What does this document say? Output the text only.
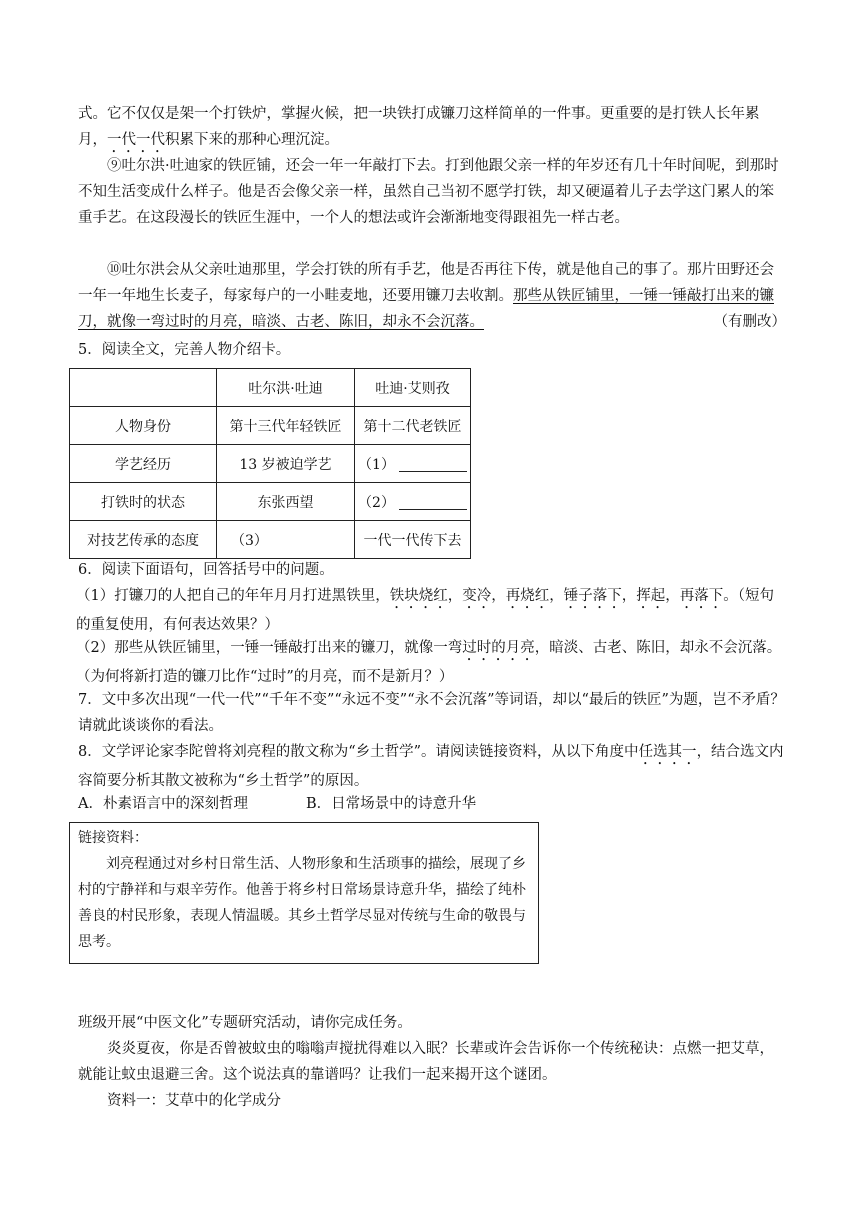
式。它不仅仅是架一个打铁炉，掌握火候，把一块铁打成镰刀这样简单的一件事。更重要的是打铁人长年累月，一代一代积累下来的那种心理沉淀。

⑨吐尔洪·吐迪家的铁匠铺，还会一年一年敲打下去。打到他跟父亲一样的年岁还有几十年时间呢，到那时不知生活变成什么样子。他是否会像父亲一样，虽然自己当初不愿学打铁，却又硬逼着儿子去学这门累人的笨重手艺。在这段漫长的铁匠生涯中，一个人的想法或许会渐渐地变得跟祖先一样古老。

⑩吐尔洪会从父亲吐迪那里，学会打铁的所有手艺，他是否再往下传，就是他自己的事了。那片田野还会一年一年地生长麦子，每家每户的一小畦麦地，还要用镰刀去收割。那些从铁匠铺里，一锤一锤敲打出来的镰刀，就像一弯过时的月亮，暗淡、古老、陈旧，却永不会沉落。	（有删改）

5．阅读全文，完善人物介绍卡。

	吐尔洪·吐迪	吐迪·艾则孜
人物身份	第十三代年轻铁匠	第十二代老铁匠
学艺经历	13 岁被迫学艺	（1）
打铁时的状态	东张西望	（2）
对技艺传承的态度	（3）	一代一代传下去

6．阅读下面语句，回答括号中的问题。

（1）打镰刀的人把自己的年年月月打进黑铁里，铁块烧红，变冷，再烧红，锤子落下，挥起，再落下。（短句的重复使用，有何表达效果？）

（2）那些从铁匠铺里，一锤一锤敲打出来的镰刀，就像一弯过时的月亮，暗淡、古老、陈旧，却永不会沉落。（为何将新打造的镰刀比作“过时”的月亮，而不是新月？）

7．文中多次出现“一代一代”“千年不变”“永远不变”“永不会沉落”等词语，却以“最后的铁匠”为题，岂不矛盾？请就此谈谈你的看法。

8．文学评论家李陀曾将刘亮程的散文称为“乡土哲学”。请阅读链接资料，从以下角度中任选其一，结合选文内容简要分析其散文被称为“乡土哲学”的原因。

A．朴素语言中的深刻哲理	B．日常场景中的诗意升华

链接资料：

刘亮程通过对乡村日常生活、人物形象和生活琐事的描绘，展现了乡村的宁静祥和与艰辛劳作。他善于将乡村日常场景诗意升华，描绘了纯朴善良的村民形象，表现人情温暖。其乡土哲学尽显对传统与生命的敬畏与思考。

班级开展“中医文化”专题研究活动，请你完成任务。

炎炎夏夜，你是否曾被蚊虫的嗡嗡声搅扰得难以入眠？长辈或许会告诉你一个传统秘诀：点燃一把艾草，就能让蚊虫退避三舍。这个说法真的靠谱吗？让我们一起来揭开这个谜团。

资料一：艾草中的化学成分
